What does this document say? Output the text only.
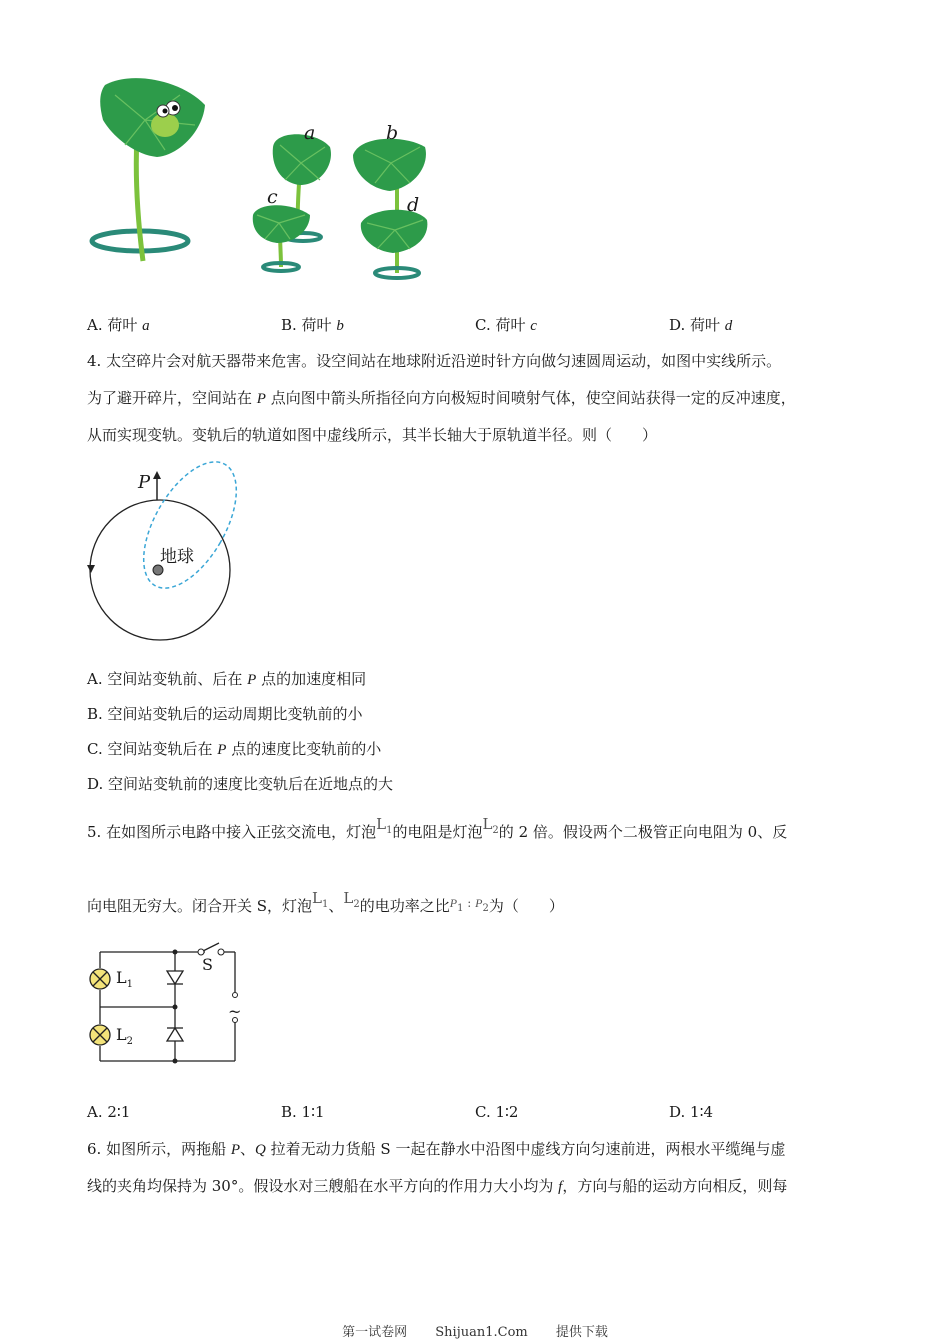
a	b
c	d
A. 荷叶 a	B. 荷叶 b	C. 荷叶 c	D. 荷叶 d
4. 太空碎片会对航天器带来危害。设空间站在地球附近沿逆时针方向做匀速圆周运动，如图中实线所示。
为了避开碎片，空间站在 P 点向图中箭头所指径向方向极短时间喷射气体，使空间站获得一定的反冲速度，
从而实现变轨。变轨后的轨道如图中虚线所示，其半长轴大于原轨道半径。则（　　）
P
地球
A. 空间站变轨前、后在 P 点的加速度相同
B. 空间站变轨后的运动周期比变轨前的小
C. 空间站变轨后在 P 点的速度比变轨前的小
D. 空间站变轨前的速度比变轨后在近地点的大
5. 在如图所示电路中接入正弦交流电，灯泡$L_1$的电阻是灯泡$L_2$的 2 倍。假设两个二极管正向电阻为 0、反
向电阻无穷大。闭合开关 S，灯泡$L_1$、$L_2$的电功率之比$^{P_1 : P_2}$为（　　）
$L_1$
$L_2$
S
~
A. 2∶1	B. 1∶1	C. 1∶2	D. 1∶4
6. 如图所示，两拖船 P、Q 拉着无动力货船 S 一起在静水中沿图中虚线方向匀速前进，两根水平缆绳与虚
线的夹角均保持为 30°。假设水对三艘船在水平方向的作用力大小均为 f，方向与船的运动方向相反，则每
第一试卷网 Shijuan1.Com 提供下载
